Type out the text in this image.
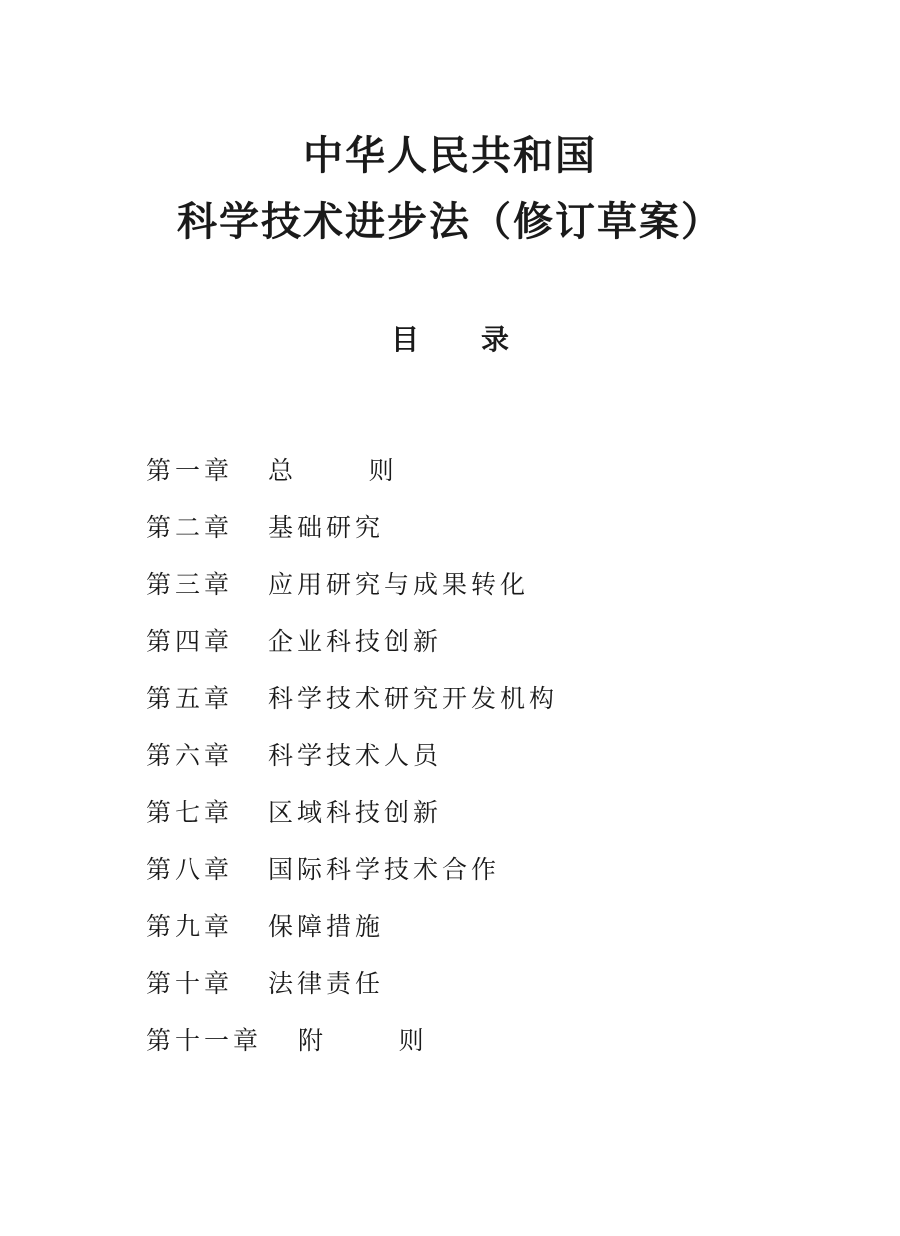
中华人民共和国
科学技术进步法（修订草案）
目录
第一章	总      则
第二章	基础研究
第三章	应用研究与成果转化
第四章	企业科技创新
第五章	科学技术研究开发机构
第六章	科学技术人员
第七章	区域科技创新
第八章	国际科学技术合作
第九章	保障措施
第十章	法律责任
第十一章	附      则
